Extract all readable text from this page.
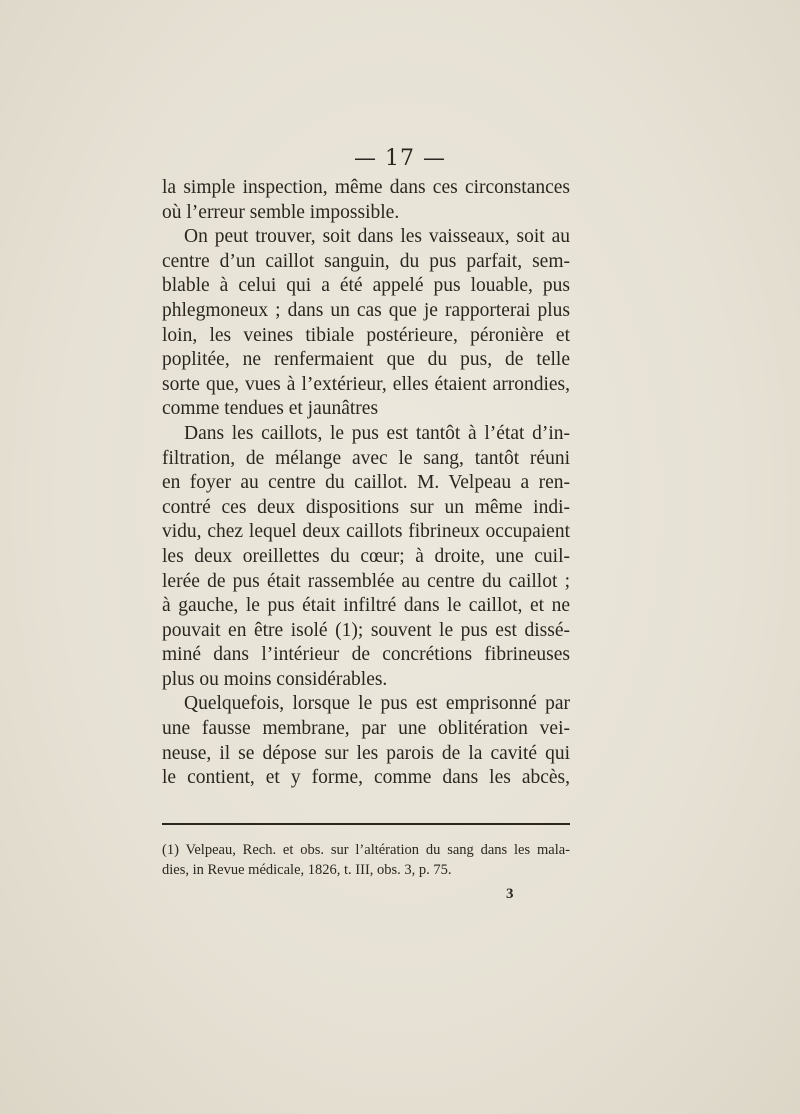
— 17 —
la simple inspection, même dans ces circonstances
où l’erreur semble impossible.
On peut trouver, soit dans les vaisseaux, soit au
centre d’un caillot sanguin, du pus parfait, sem-
blable à celui qui a été appelé pus louable, pus
phlegmoneux ; dans un cas que je rapporterai plus
loin, les veines tibiale postérieure, péronière et
poplitée, ne renfermaient que du pus, de telle
sorte que, vues à l’extérieur, elles étaient arrondies,
comme tendues et jaunâtres
Dans les caillots, le pus est tantôt à l’état d’in-
filtration, de mélange avec le sang, tantôt réuni
en foyer au centre du caillot. M. Velpeau a ren-
contré ces deux dispositions sur un même indi-
vidu, chez lequel deux caillots fibrineux occupaient
les deux oreillettes du cœur; à droite, une cuil-
lerée de pus était rassemblée au centre du caillot ;
à gauche, le pus était infiltré dans le caillot, et ne
pouvait en être isolé (1); souvent le pus est dissé-
miné dans l’intérieur de concrétions fibrineuses
plus ou moins considérables.
Quelquefois, lorsque le pus est emprisonné par
une fausse membrane, par une oblitération vei-
neuse, il se dépose sur les parois de la cavité qui
le contient, et y forme, comme dans les abcès,
(1) Velpeau, Rech. et obs. sur l’altération du sang dans les mala-
dies, in Revue médicale, 1826, t. III, obs. 3, p. 75.
3
